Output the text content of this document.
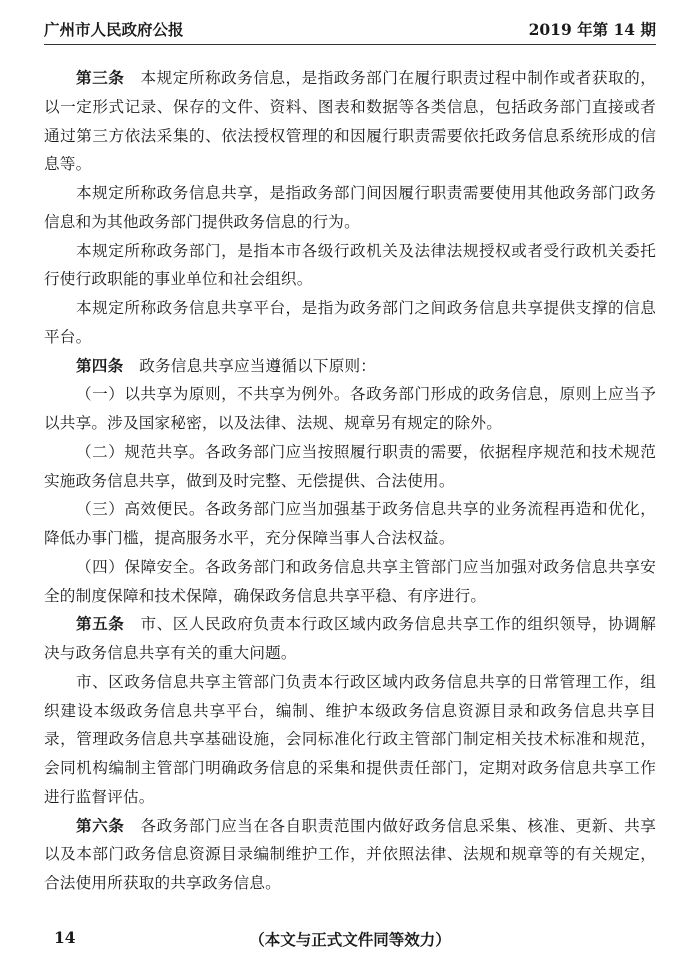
广州市人民政府公报	2019 年第 14 期

第三条　 本规定所称政务信息，是指政务部门在履行职责过程中制作或者获取的，以一定形式记录、保存的文件、资料、图表和数据等各类信息，包括政务部门直接或者通过第三方依法采集的、依法授权管理的和因履行职责需要依托政务信息系统形成的信息等。

本规定所称政务信息共享，是指政务部门间因履行职责需要使用其他政务部门政务信息和为其他政务部门提供政务信息的行为。

本规定所称政务部门，是指本市各级行政机关及法律法规授权或者受行政机关委托行使行政职能的事业单位和社会组织。

本规定所称政务信息共享平台，是指为政务部门之间政务信息共享提供支撑的信息平台。

第四条　 政务信息共享应当遵循以下原则：

（一）以共享为原则，不共享为例外。各政务部门形成的政务信息，原则上应当予以共享。涉及国家秘密，以及法律、法规、规章另有规定的除外。

（二）规范共享。各政务部门应当按照履行职责的需要，依据程序规范和技术规范实施政务信息共享，做到及时完整、无偿提供、合法使用。

（三）高效便民。各政务部门应当加强基于政务信息共享的业务流程再造和优化，降低办事门槛，提高服务水平，充分保障当事人合法权益。

（四）保障安全。各政务部门和政务信息共享主管部门应当加强对政务信息共享安全的制度保障和技术保障，确保政务信息共享平稳、有序进行。

第五条　 市、区人民政府负责本行政区域内政务信息共享工作的组织领导，协调解决与政务信息共享有关的重大问题。

市、区政务信息共享主管部门负责本行政区域内政务信息共享的日常管理工作，组织建设本级政务信息共享平台，编制、维护本级政务信息资源目录和政务信息共享目录，管理政务信息共享基础设施，会同标准化行政主管部门制定相关技术标准和规范，会同机构编制主管部门明确政务信息的采集和提供责任部门，定期对政务信息共享工作进行监督评估。

第六条　 各政务部门应当在各自职责范围内做好政务信息采集、核准、更新、共享以及本部门政务信息资源目录编制维护工作，并依照法律、法规和规章等的有关规定，合法使用所获取的共享政务信息。

14	（本文与正式文件同等效力）
